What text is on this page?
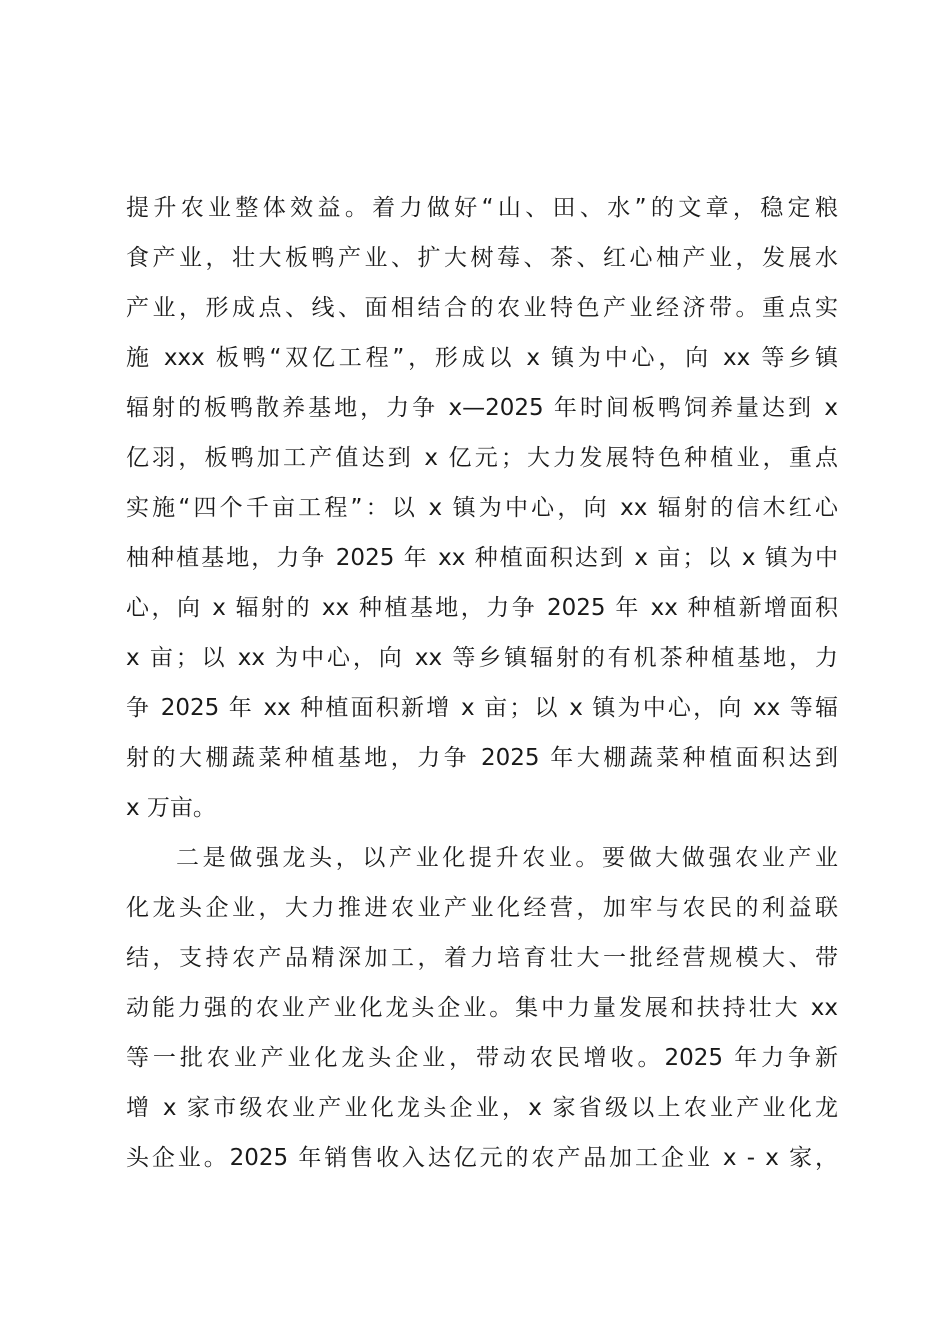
提升农业整体效益。着力做好“山、田、水”的文章，稳定粮
食产业，壮大板鸭产业、扩大树莓、茶、红心柚产业，发展水
产业，形成点、线、面相结合的农业特色产业经济带。重点实
施 xxx 板鸭“双亿工程”，形成以 x 镇为中心，向 xx 等乡镇
辐射的板鸭散养基地，力争 x—2025 年时间板鸭饲养量达到 x
亿羽，板鸭加工产值达到 x 亿元；大力发展特色种植业，重点
实施“四个千亩工程”：以 x 镇为中心，向 xx 辐射的信木红心
柚种植基地，力争 2025 年 xx 种植面积达到 x 亩；以 x 镇为中
心，向 x 辐射的 xx 种植基地，力争 2025 年 xx 种植新增面积
x 亩；以 xx 为中心，向 xx 等乡镇辐射的有机茶种植基地，力
争 2025 年 xx 种植面积新增 x 亩；以 x 镇为中心，向 xx 等辐
射的大棚蔬菜种植基地，力争 2025 年大棚蔬菜种植面积达到
x 万亩。
二是做强龙头，以产业化提升农业。要做大做强农业产业
化龙头企业，大力推进农业产业化经营，加牢与农民的利益联
结，支持农产品精深加工，着力培育壮大一批经营规模大、带
动能力强的农业产业化龙头企业。集中力量发展和扶持壮大 xx
等一批农业产业化龙头企业，带动农民增收。2025 年力争新
增 x 家市级农业产业化龙头企业，x 家省级以上农业产业化龙
头企业。2025 年销售收入达亿元的农产品加工企业 x - x 家，
